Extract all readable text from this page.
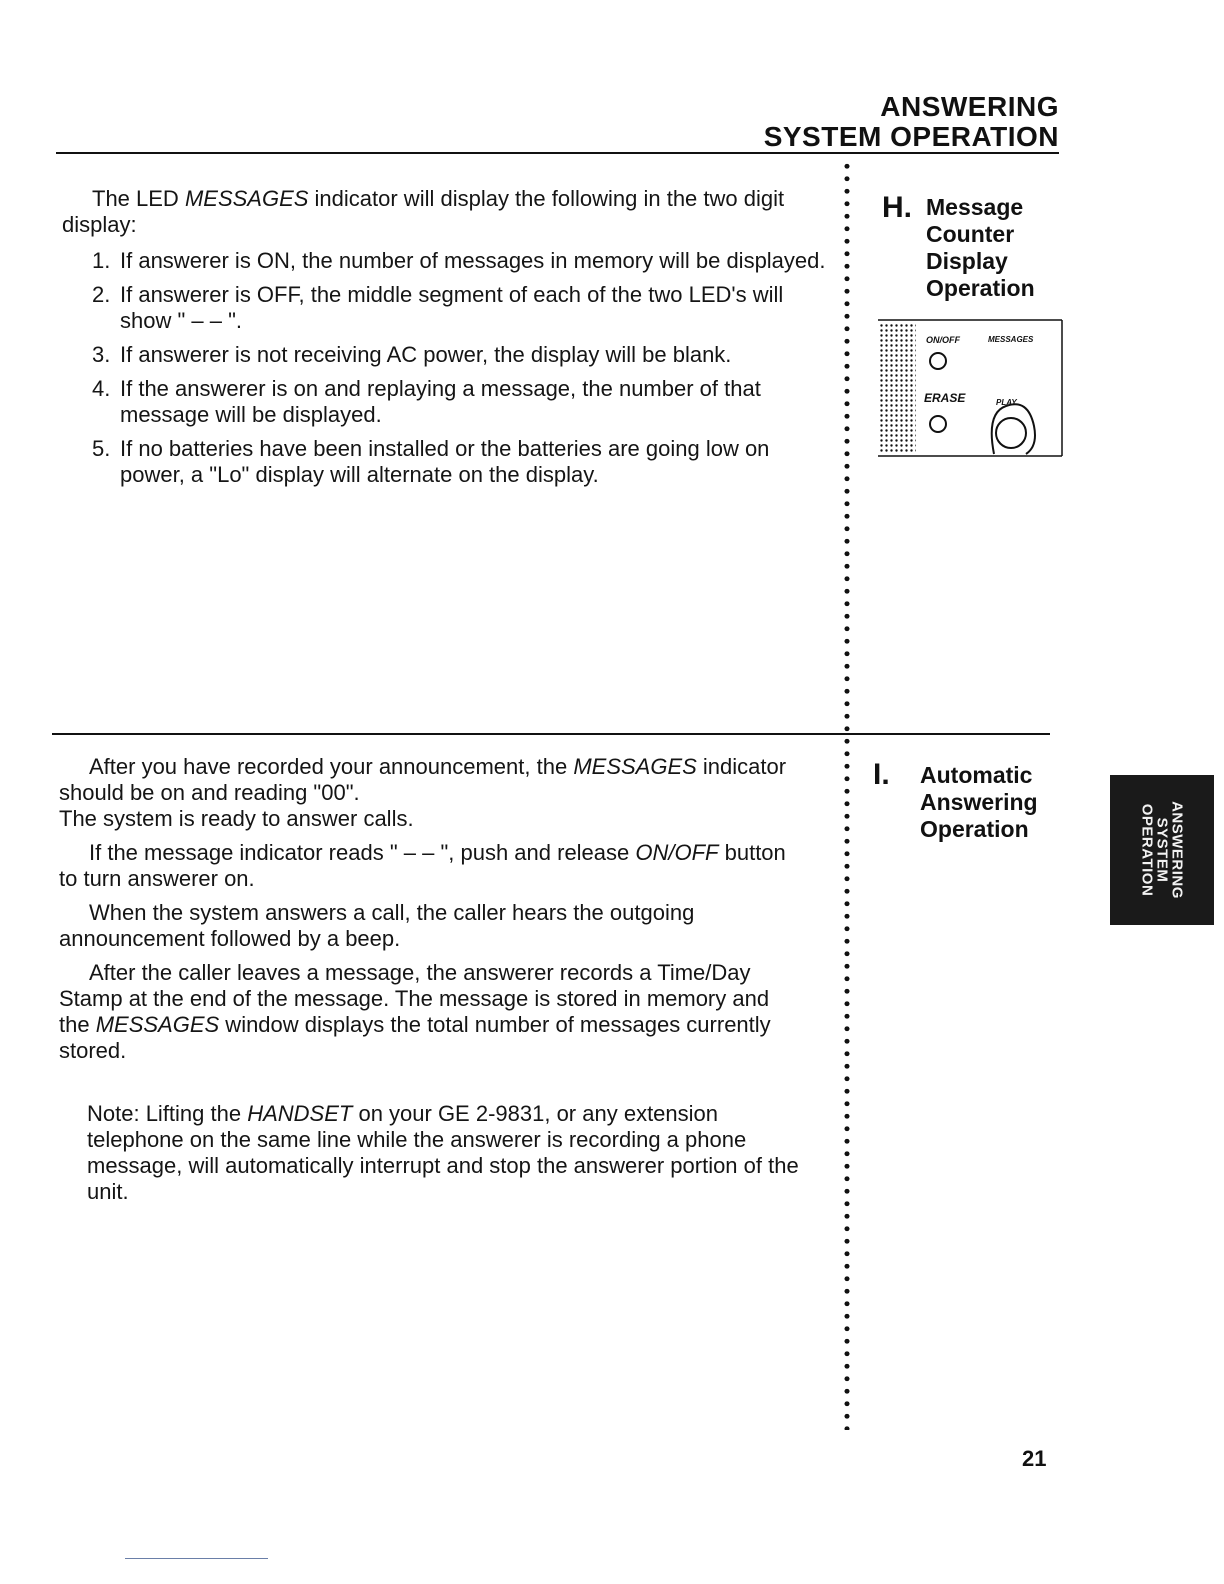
ANSWERING
SYSTEM OPERATION

The LED MESSAGES indicator will display the following in the two digit display:

1. If answerer is ON, the number of messages in memory will be displayed.
2. If answerer is OFF, the middle segment of each of the two LED's will show " – – ".
3. If answerer is not receiving AC power, the display will be blank.
4. If the answerer is on and replaying a message, the number of that message will be displayed.
5. If no batteries have been installed or the batteries are going low on power, a "Lo" display will alternate on the display.
H. Message
Counter
Display
Operation
ON/OFF	MESSAGES
ERASE	PLAY
I. Automatic
Answering
Operation

After you have recorded your announcement, the MESSAGES indicator should be on and reading "00".

The system is ready to answer calls.

If the message indicator reads " – – ", push and release ON/OFF button to turn answerer on.

When the system answers a call, the caller hears the outgoing announcement followed by a beep.

After the caller leaves a message, the answerer records a Time/Day Stamp at the end of the message. The message is stored in memory and the MESSAGES window displays the total number of messages currently stored.

Note: Lifting the HANDSET on your GE 2-9831, or any extension telephone on the same line while the answerer is recording a phone message, will automatically interrupt and stop the answerer portion of the unit.
ANSWERING
SYSTEM
OPERATION
21
